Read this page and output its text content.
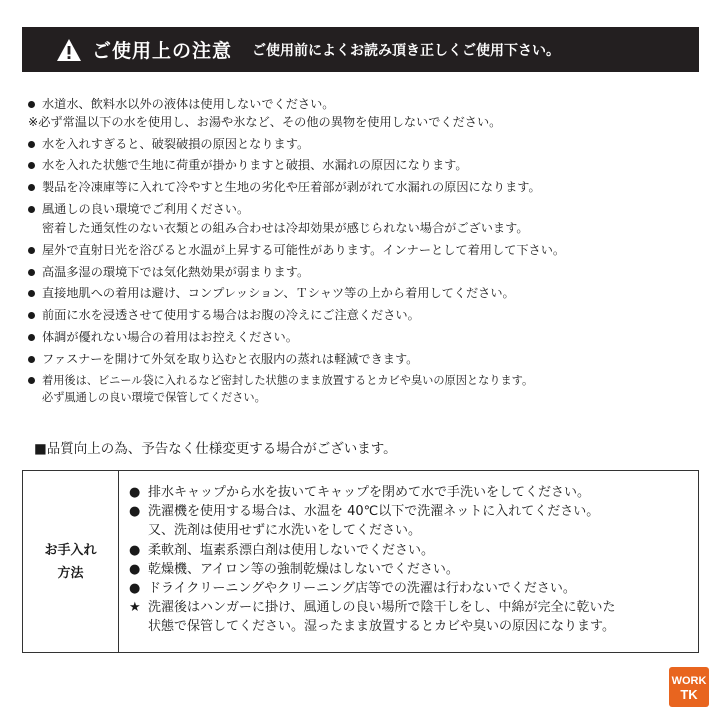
ご使用上の注意 ご使用前によくお読み頂き正しくご使用下さい。
水道水、飲料水以外の液体は使用しないでください。
※必ず常温以下の水を使用し、お湯や氷など、その他の異物を使用しないでください。
水を入れすぎると、破裂破損の原因となります。
水を入れた状態で生地に荷重が掛かりますと破損、水漏れの原因になります。
製品を冷凍庫等に入れて冷やすと生地の劣化や圧着部が剥がれて水漏れの原因になります。
風通しの良い環境でご利用ください。
密着した通気性のない衣類との組み合わせは冷却効果が感じられない場合がございます。
屋外で直射日光を浴びると水温が上昇する可能性があります。インナーとして着用して下さい。
高温多湿の環境下では気化熱効果が弱まります。
直接地肌への着用は避け、コンプレッション、Ｔシャツ等の上から着用してください。
前面に水を浸透させて使用する場合はお腹の冷えにご注意ください。
体調が優れない場合の着用はお控えください。
ファスナーを開けて外気を取り込むと衣服内の蒸れは軽減できます。
着用後は、ビニール袋に入れるなど密封した状態のまま放置するとカビや臭いの原因となります。
必ず風通しの良い環境で保管してください。
■品質向上の為、予告なく仕様変更する場合がございます。
お手入れ
方法
● 排水キャップから水を抜いてキャップを閉めて水で手洗いをしてください。
● 洗濯機を使用する場合は、水温を 40℃以下で洗濯ネットに入れてください。
又、洗剤は使用せずに水洗いをしてください。
● 柔軟剤、塩素系漂白剤は使用しないでください。
● 乾燥機、アイロン等の強制乾燥はしないでください。
● ドライクリーニングやクリーニング店等での洗濯は行わないでください。
★ 洗濯後はハンガーに掛け、風通しの良い場所で陰干しをし、中綿が完全に乾いた
状態で保管してください。湿ったまま放置するとカビや臭いの原因になります。
WORK
TK
